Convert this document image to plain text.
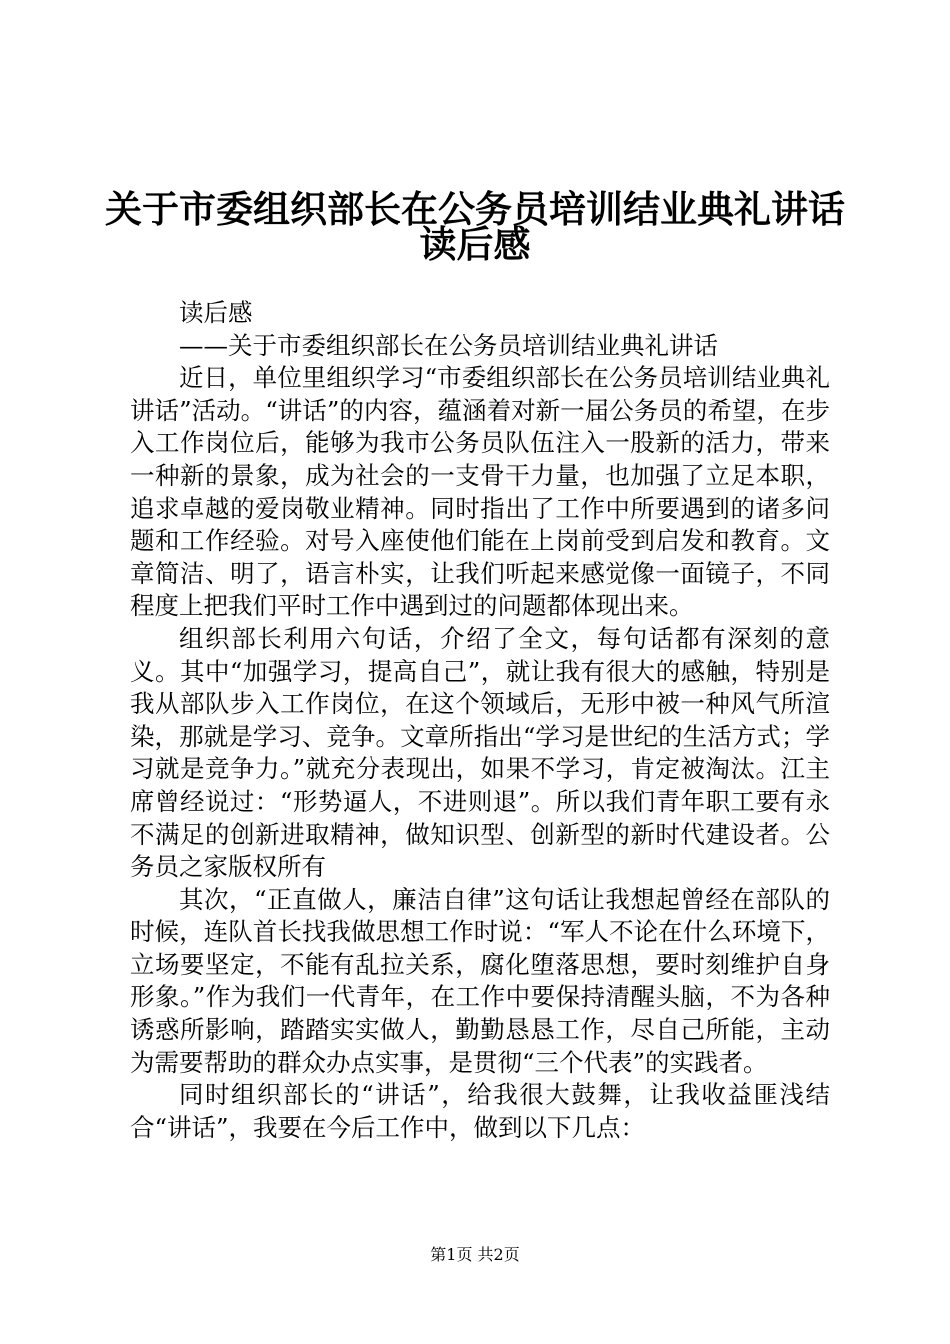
关于市委组织部长在公务员培训结业典礼讲话
读后感

读后感

——关于市委组织部长在公务员培训结业典礼讲话

近日，单位里组织学习“市委组织部长在公务员培训结业典礼讲话”活动。“讲话”的内容，蕴涵着对新一届公务员的希望，在步入工作岗位后，能够为我市公务员队伍注入一股新的活力，带来一种新的景象，成为社会的一支骨干力量，也加强了立足本职，追求卓越的爱岗敬业精神。同时指出了工作中所要遇到的诸多问题和工作经验。对号入座使他们能在上岗前受到启发和教育。文章简洁、明了，语言朴实，让我们听起来感觉像一面镜子，不同程度上把我们平时工作中遇到过的问题都体现出来。

组织部长利用六句话，介绍了全文，每句话都有深刻的意义。其中“加强学习，提高自己”，就让我有很大的感触，特别是我从部队步入工作岗位，在这个领域后，无形中被一种风气所渲染，那就是学习、竞争。文章所指出“学习是世纪的生活方式；学习就是竞争力。”就充分表现出，如果不学习，肯定被淘汰。江主席曾经说过：“形势逼人，不进则退”。所以我们青年职工要有永不满足的创新进取精神，做知识型、创新型的新时代建设者。公务员之家版权所有

其次，“正直做人，廉洁自律”这句话让我想起曾经在部队的时候，连队首长找我做思想工作时说：“军人不论在什么环境下，立场要坚定，不能有乱拉关系，腐化堕落思想，要时刻维护自身形象。”作为我们一代青年，在工作中要保持清醒头脑，不为各种诱惑所影响，踏踏实实做人，勤勤恳恳工作，尽自己所能，主动为需要帮助的群众办点实事，是贯彻“三个代表”的实践者。

同时组织部长的“讲话”，给我很大鼓舞，让我收益匪浅结合“讲话”，我要在今后工作中，做到以下几点：

第1页 共2页
